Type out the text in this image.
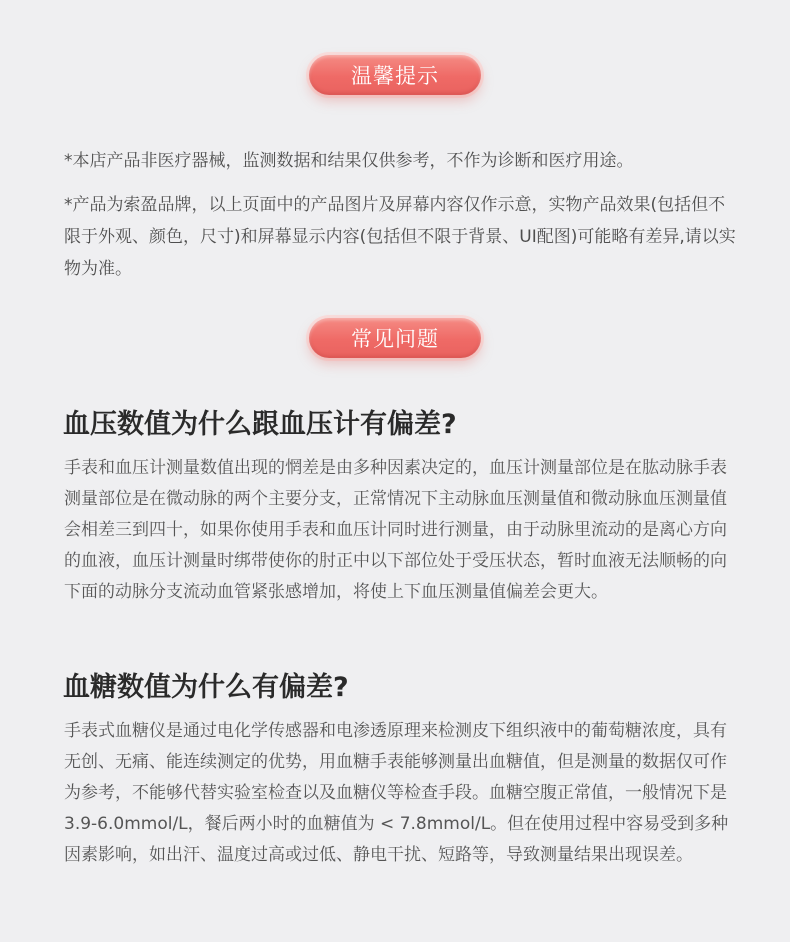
温馨提示

*本店产品非医疗器械，监测数据和结果仅供参考，不作为诊断和医疗用途。

*产品为索盈品牌，以上页面中的产品图片及屏幕内容仅作示意，实物产品效果(包括但不限于外观、颜色，尺寸)和屏幕显示内容(包括但不限于背景、UI配图)可能略有差异,请以实物为准。

常见问题
血压数值为什么跟血压计有偏差?

手表和血压计测量数值出现的惘差是由多种因素决定的，血压计测量部位是在肱动脉手表测量部位是在微动脉的两个主要分支，正常情况下主动脉血压测量值和微动脉血压测量值会相差三到四十，如果你使用手表和血压计同时进行测量，由于动脉里流动的是离心方向的血液，血压计测量时绑带使你的肘正中以下部位处于受压状态，暂时血液无法顺畅的向下面的动脉分支流动血管紧张感增加，将使上下血压测量值偏差会更大。

血糖数值为什么有偏差?

手表式血糖仪是通过电化学传感器和电渗透原理来检测皮下组织液中的葡萄糖浓度，具有无创、无痛、能连续测定的优势，用血糖手表能够测量出血糖值，但是测量的数据仅可作为参考，不能够代替实验室检查以及血糖仪等检查手段。血糖空腹正常值，一般情况下是3.9-6.0mmol/L，餐后两小时的血糖值为 < 7.8mmol/L。但在使用过程中容易受到多种因素影响，如出汗、温度过高或过低、静电干扰、短路等，导致测量结果出现误差。
